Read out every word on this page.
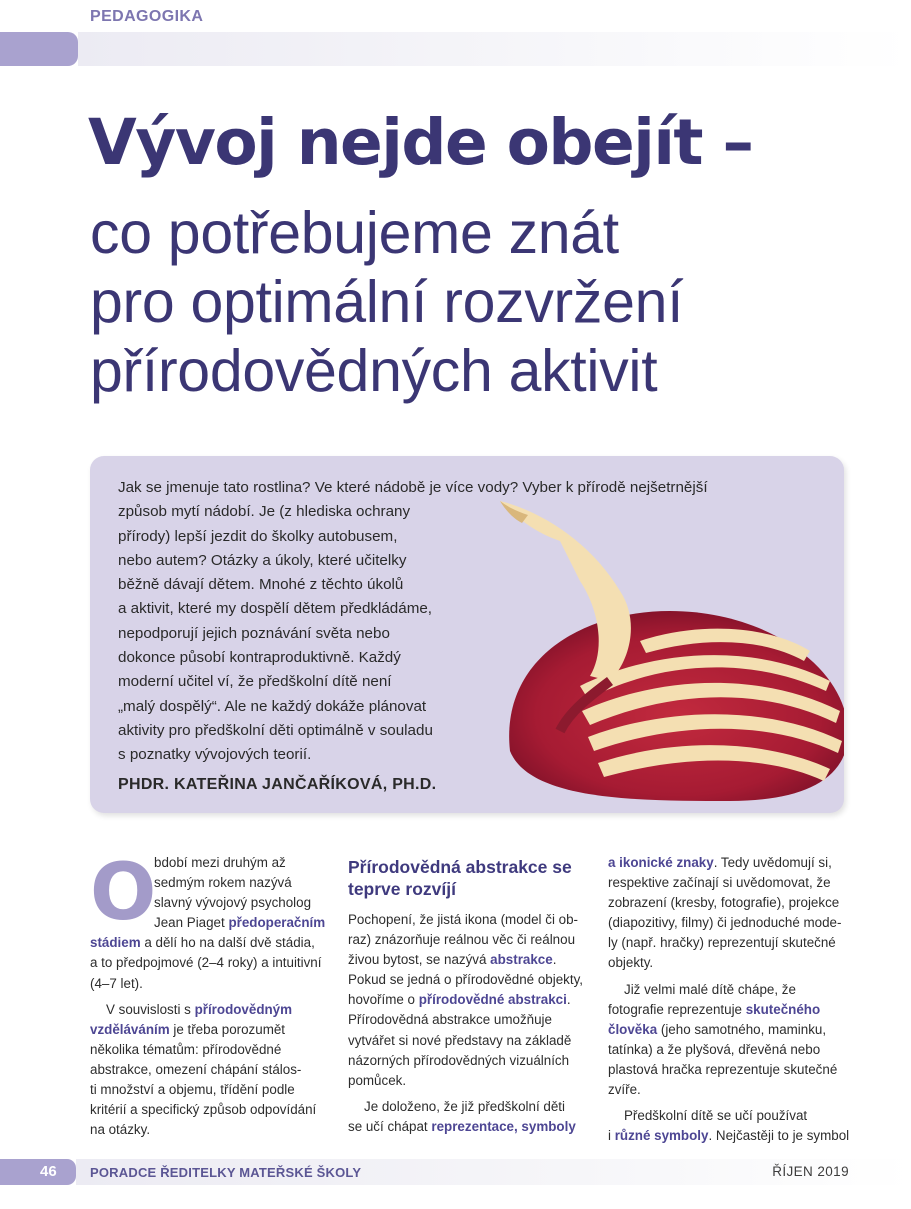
PEDAGOGIKA
Vývoj nejde obejít –
co potřebujeme znát
pro optimální rozvržení
přírodovědných aktivit
Jak se jmenuje tato rostlina? Ve které nádobě je více vody? Vyber k přírodě nejšetrnější
způsob mytí nádobí. Je (z hlediska ochrany
přírody) lepší jezdit do školky autobusem,
nebo autem? Otázky a úkoly, které učitelky
běžně dávají dětem. Mnohé z těchto úkolů
a aktivit, které my dospělí dětem předkládáme,
nepodporují jejich poznávání světa nebo
dokonce působí kontraproduktivně. Každý
moderní učitel ví, že předškolní dítě není
„malý dospělý“. Ale ne každý dokáže plánovat
aktivity pro předškolní děti optimálně v souladu
s poznatky vývojových teorií.
PHDR. KATEŘINA JANČAŘÍKOVÁ, PH.D.
O
bdobí mezi druhým až
sedmým rokem nazývá
slavný vývojový psycholog
Jean Piaget předoperačním
stádiem a dělí ho na další dvě stádia,
a to předpojmové (2–4 roky) a intuitivní
(4–7 let).
V souvislosti s přírodovědným
vzděláváním je třeba porozumět
několika tématům: přírodovědné
abstrakce, omezení chápání stálos-
ti množství a objemu, třídění podle
kritérií a specifický způsob odpovídání
na otázky.
Přírodovědná abstrakce se
teprve rozvíjí
Pochopení, že jistá ikona (model či ob-
raz) znázorňuje reálnou věc či reálnou
živou bytost, se nazývá abstrakce.
Pokud se jedná o přírodovědné objekty,
hovoříme o přírodovědné abstrakci.
Přírodovědná abstrakce umožňuje
vytvářet si nové představy na základě
názorných přírodovědných vizuálních
pomůcek.
Je doloženo, že již předškolní děti
se učí chápat reprezentace, symboly
a ikonické znaky. Tedy uvědomují si,
respektive začínají si uvědomovat, že
zobrazení (kresby, fotografie), projekce
(diapozitivy, filmy) či jednoduché mode-
ly (např. hračky) reprezentují skutečné
objekty.
Již velmi malé dítě chápe, že
fotografie reprezentuje skutečného
člověka (jeho samotného, maminku,
tatínka) a že plyšová, dřevěná nebo
plastová hračka reprezentuje skutečné
zvíře.
Předškolní dítě se učí používat
i různé symboly. Nejčastěji to je symbol
46	PORADCE ŘEDITELKY MATEŘSKÉ ŠKOLY	ŘÍJEN 2019
